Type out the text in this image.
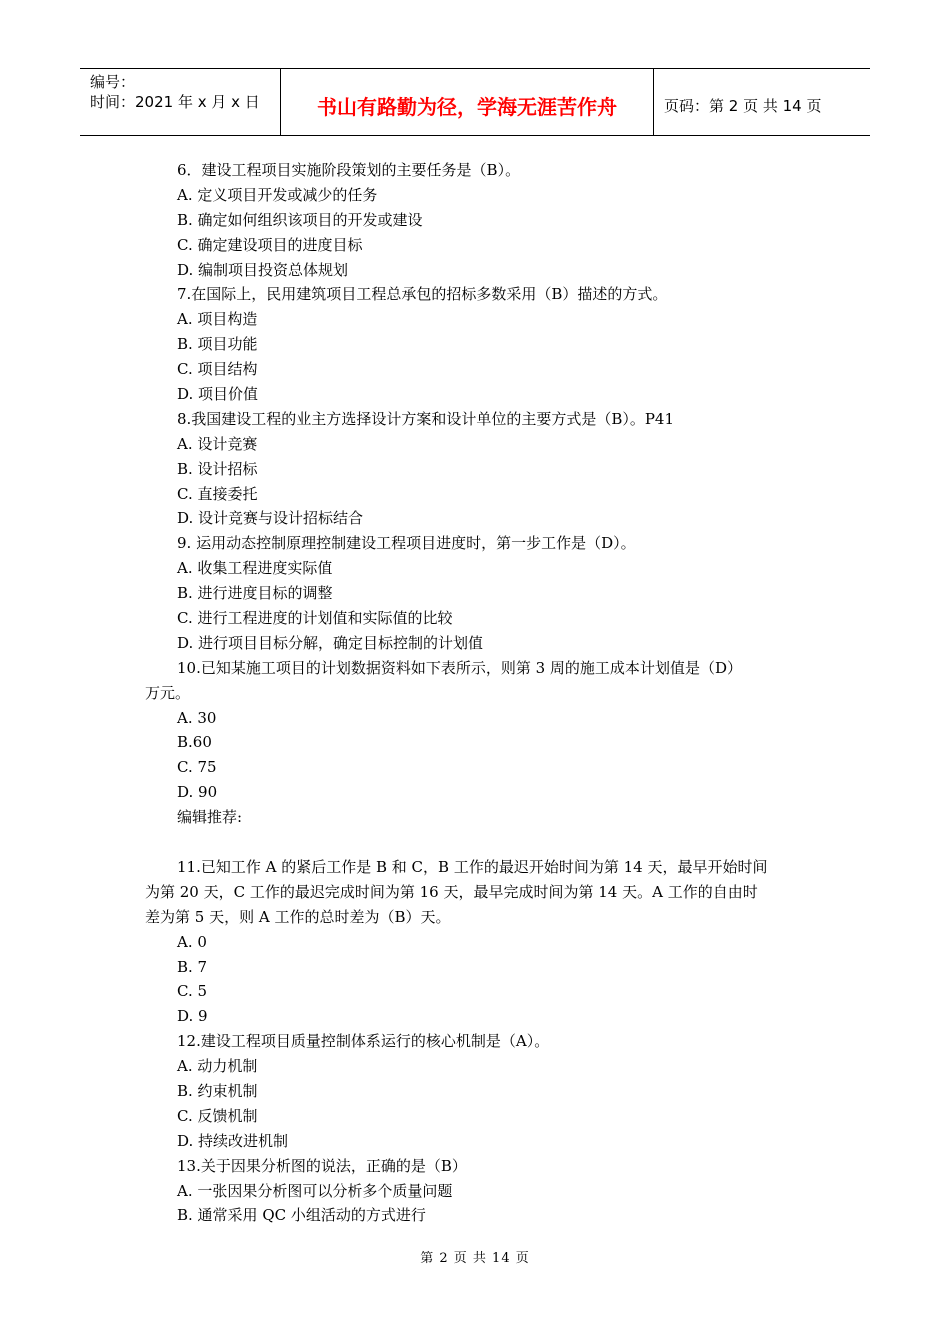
编号：
时间：2021 年 x 月 x 日	书山有路勤为径，学海无涯苦作舟	页码：第 2 页 共 14 页
6．建设工程项目实施阶段策划的主要任务是（B）。
A. 定义项目开发或减少的任务
B. 确定如何组织该项目的开发或建设
C. 确定建设项目的进度目标
D. 编制项目投资总体规划
7.在国际上，民用建筑项目工程总承包的招标多数采用（B）描述的方式。
A. 项目构造
B. 项目功能
C. 项目结构
D. 项目价值
8.我国建设工程的业主方选择设计方案和设计单位的主要方式是（B）。P41
A. 设计竞赛
B. 设计招标
C. 直接委托
D. 设计竞赛与设计招标结合
9. 运用动态控制原理控制建设工程项目进度时，第一步工作是（D）。
A. 收集工程进度实际值
B. 进行进度目标的调整
C. 进行工程进度的计划值和实际值的比较
D. 进行项目目标分解，确定目标控制的计划值
10.已知某施工项目的计划数据资料如下表所示，则第 3 周的施工成本计划值是（D）
万元。
A. 30
B.60
C. 75
D. 90
编辑推荐:
11.已知工作 A 的紧后工作是 B 和 C，B 工作的最迟开始时间为第 14 天，最早开始时间
为第 20 天，C 工作的最迟完成时间为第 16 天，最早完成时间为第 14 天。A 工作的自由时
差为第 5 天，则 A 工作的总时差为（B）天。
A. 0
B. 7
C. 5
D. 9
12.建设工程项目质量控制体系运行的核心机制是（A）。
A. 动力机制
B. 约束机制
C. 反馈机制
D. 持续改进机制
13.关于因果分析图的说法，正确的是（B）
A. 一张因果分析图可以分析多个质量问题
B. 通常采用 QC 小组活动的方式进行
第 2 页 共 14 页
